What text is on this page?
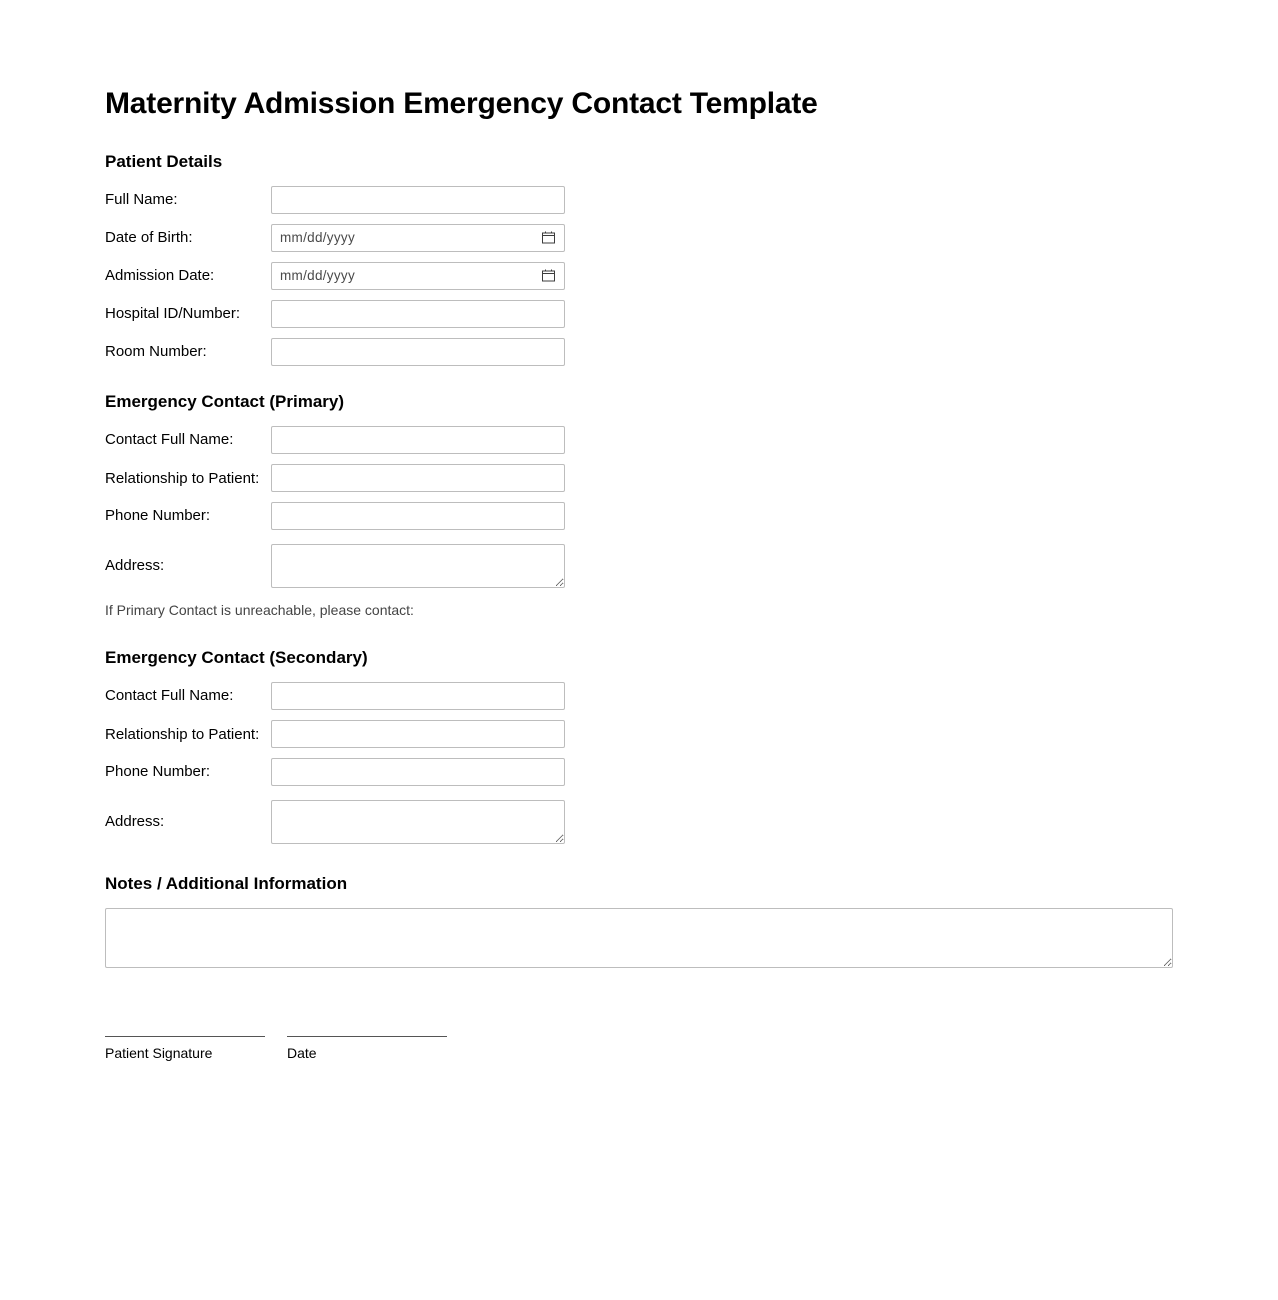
Maternity Admission Emergency Contact Template
Patient Details
Full Name:
Date of Birth:	mm/dd/yyyy
Admission Date:	mm/dd/yyyy
Hospital ID/Number:
Room Number:
Emergency Contact (Primary)
Contact Full Name:
Relationship to Patient:
Phone Number:
Address:

If Primary Contact is unreachable, please contact:

Emergency Contact (Secondary)
Contact Full Name:
Relationship to Patient:
Phone Number:
Address:
Notes / Additional Information
Patient Signature	Date
